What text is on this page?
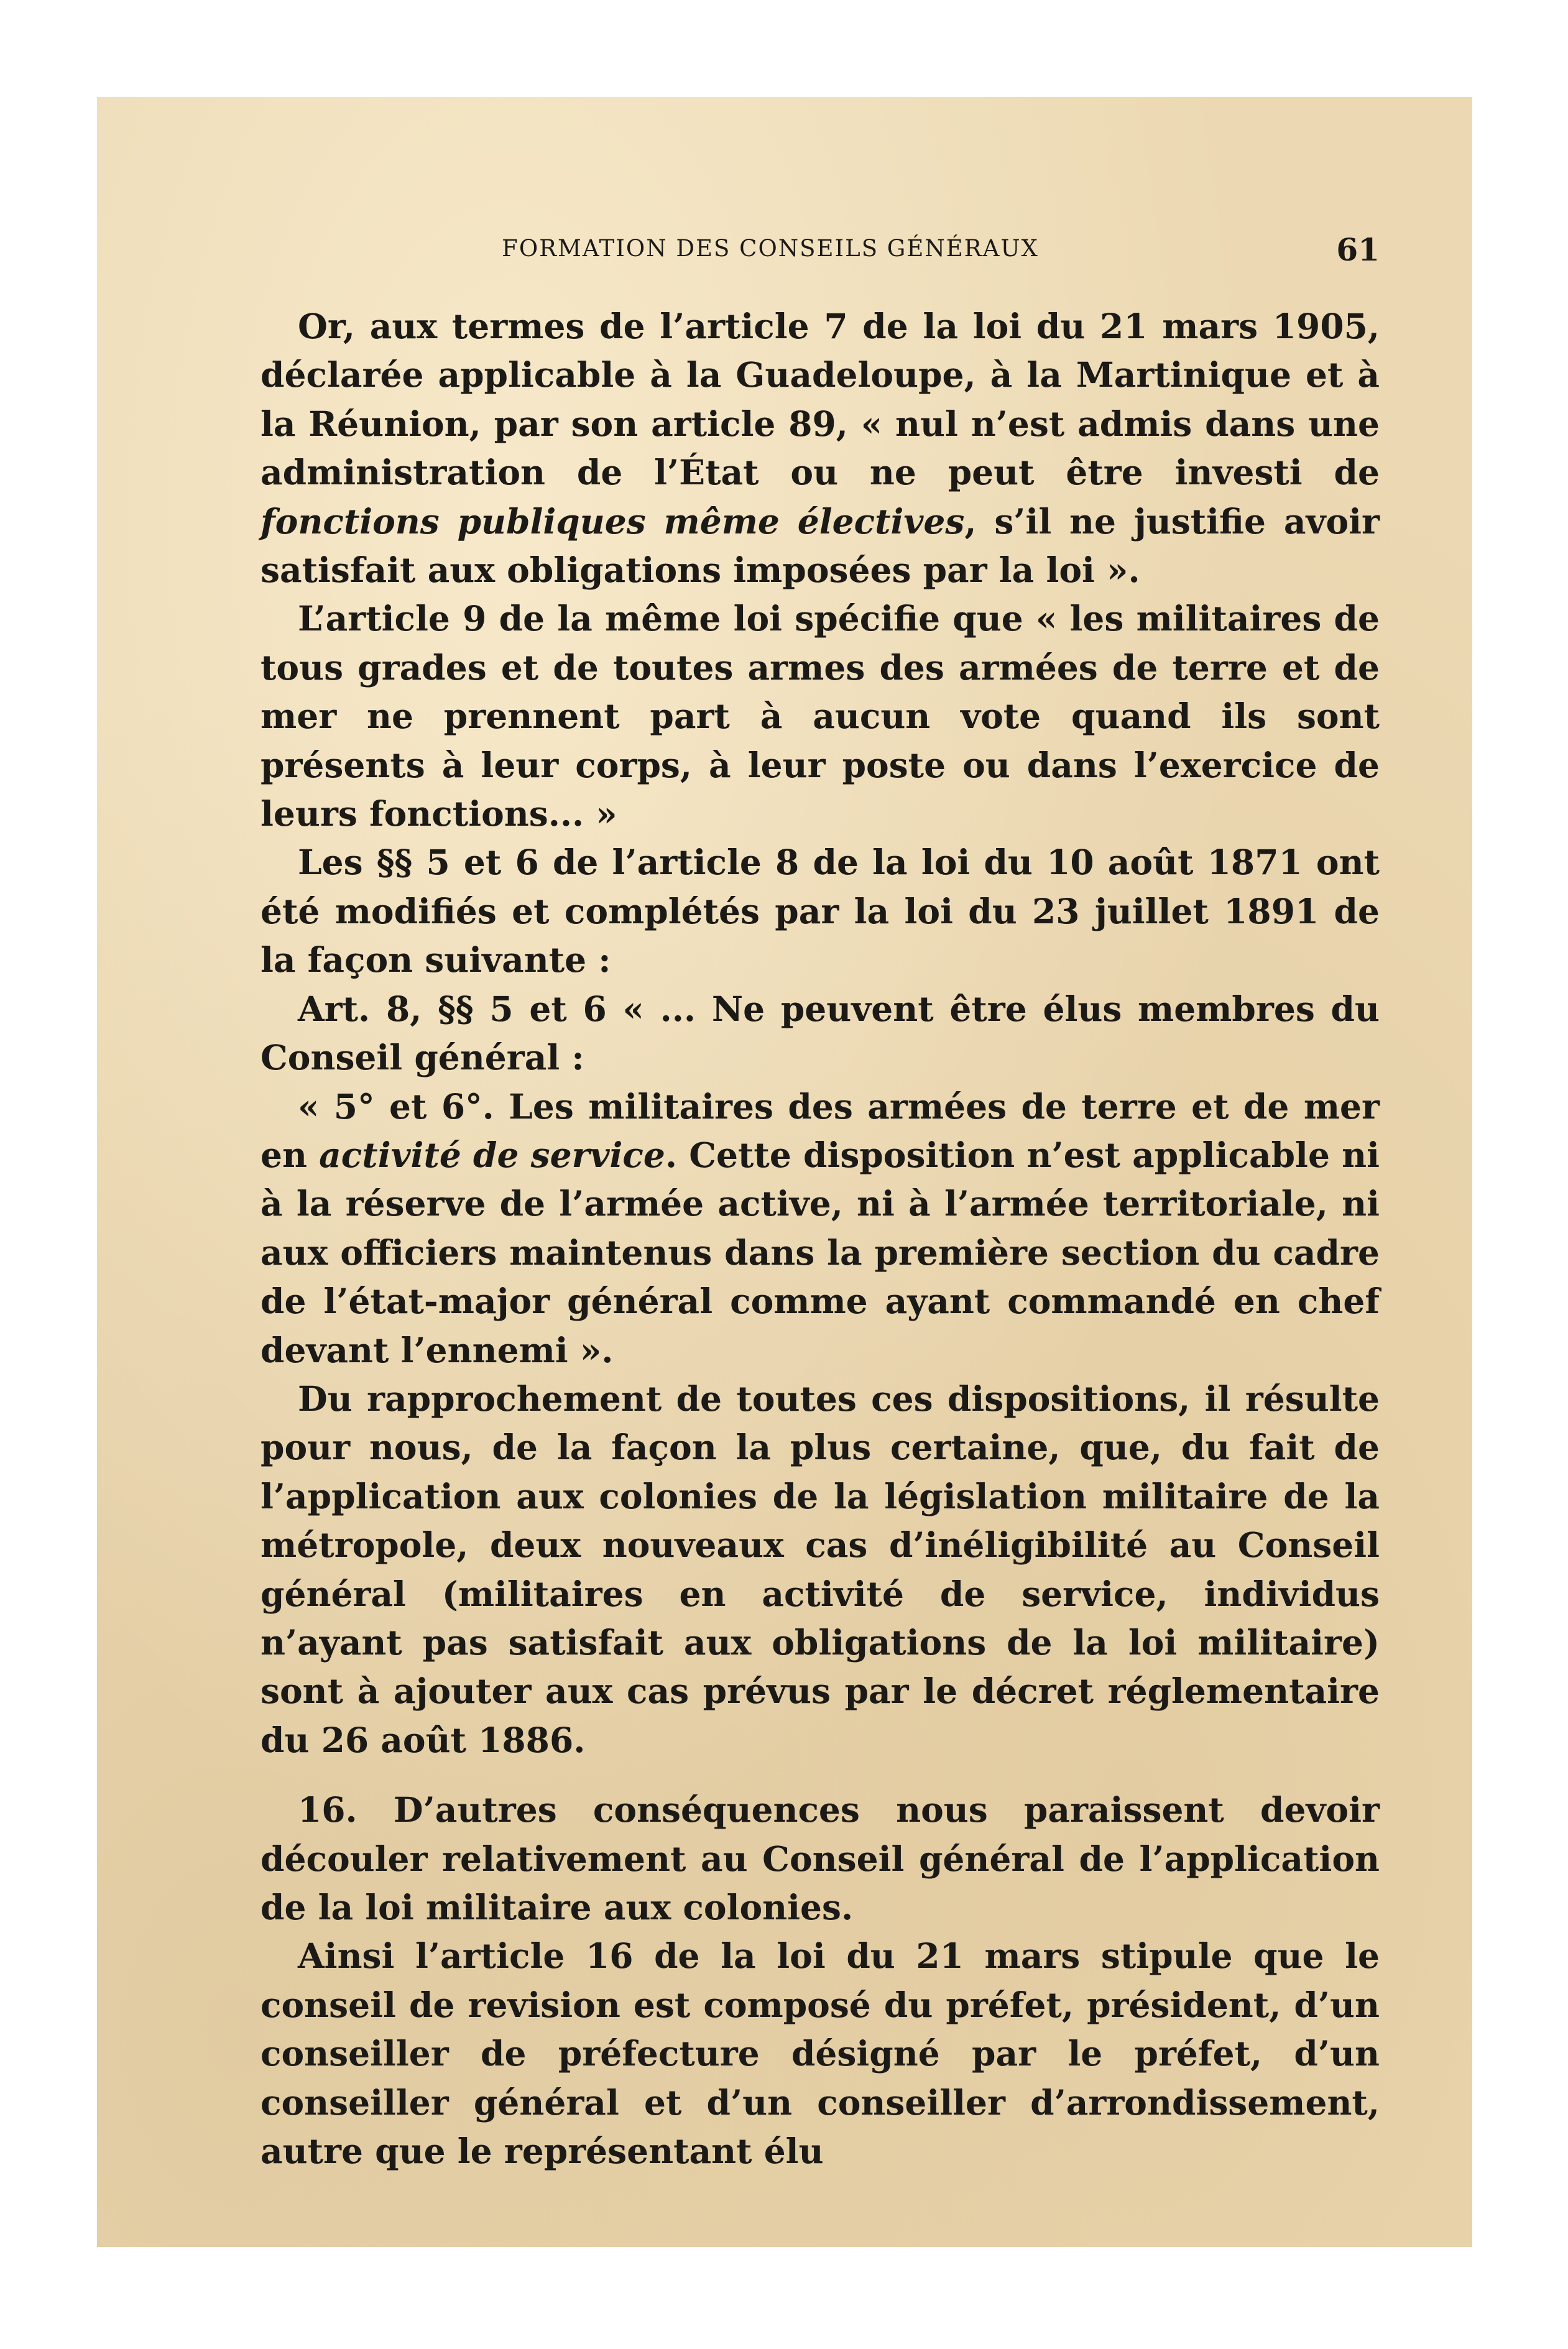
FORMATION DES CONSEILS GÉNÉRAUX	61

Or, aux termes de l’article 7 de la loi du 21 mars 1905, déclarée applicable à la Guadeloupe, à la Martinique et à la Réunion, par son article 89, « nul n’est admis dans une administration de l’État ou ne peut être investi de fonctions publiques même électives, s’il ne justifie avoir satisfait aux obligations imposées par la loi ».

L’article 9 de la même loi spécifie que « les militaires de tous grades et de toutes armes des armées de terre et de mer ne prennent part à aucun vote quand ils sont présents à leur corps, à leur poste ou dans l’exercice de leurs fonctions... »

Les §§ 5 et 6 de l’article 8 de la loi du 10 août 1871 ont été modifiés et complétés par la loi du 23 juillet 1891 de la façon suivante :

Art. 8, §§ 5 et 6 « ... Ne peuvent être élus membres du Conseil général :

« 5° et 6°. Les militaires des armées de terre et de mer en activité de service. Cette disposition n’est applicable ni à la réserve de l’armée active, ni à l’armée territoriale, ni aux officiers maintenus dans la première section du cadre de l’état-major général comme ayant commandé en chef devant l’ennemi ».

Du rapprochement de toutes ces dispositions, il résulte pour nous, de la façon la plus certaine, que, du fait de l’application aux colonies de la législation militaire de la métropole, deux nouveaux cas d’inéligibilité au Conseil général (militaires en activité de service, individus n’ayant pas satisfait aux obligations de la loi militaire) sont à ajouter aux cas prévus par le décret réglementaire du 26 août 1886.

16. D’autres conséquences nous paraissent devoir découler relativement au Conseil général de l’application de la loi militaire aux colonies.

Ainsi l’article 16 de la loi du 21 mars stipule que le conseil de revision est composé du préfet, président, d’un conseiller de préfecture désigné par le préfet, d’un conseiller général et d’un conseiller d’arrondissement, autre que le représentant élu
